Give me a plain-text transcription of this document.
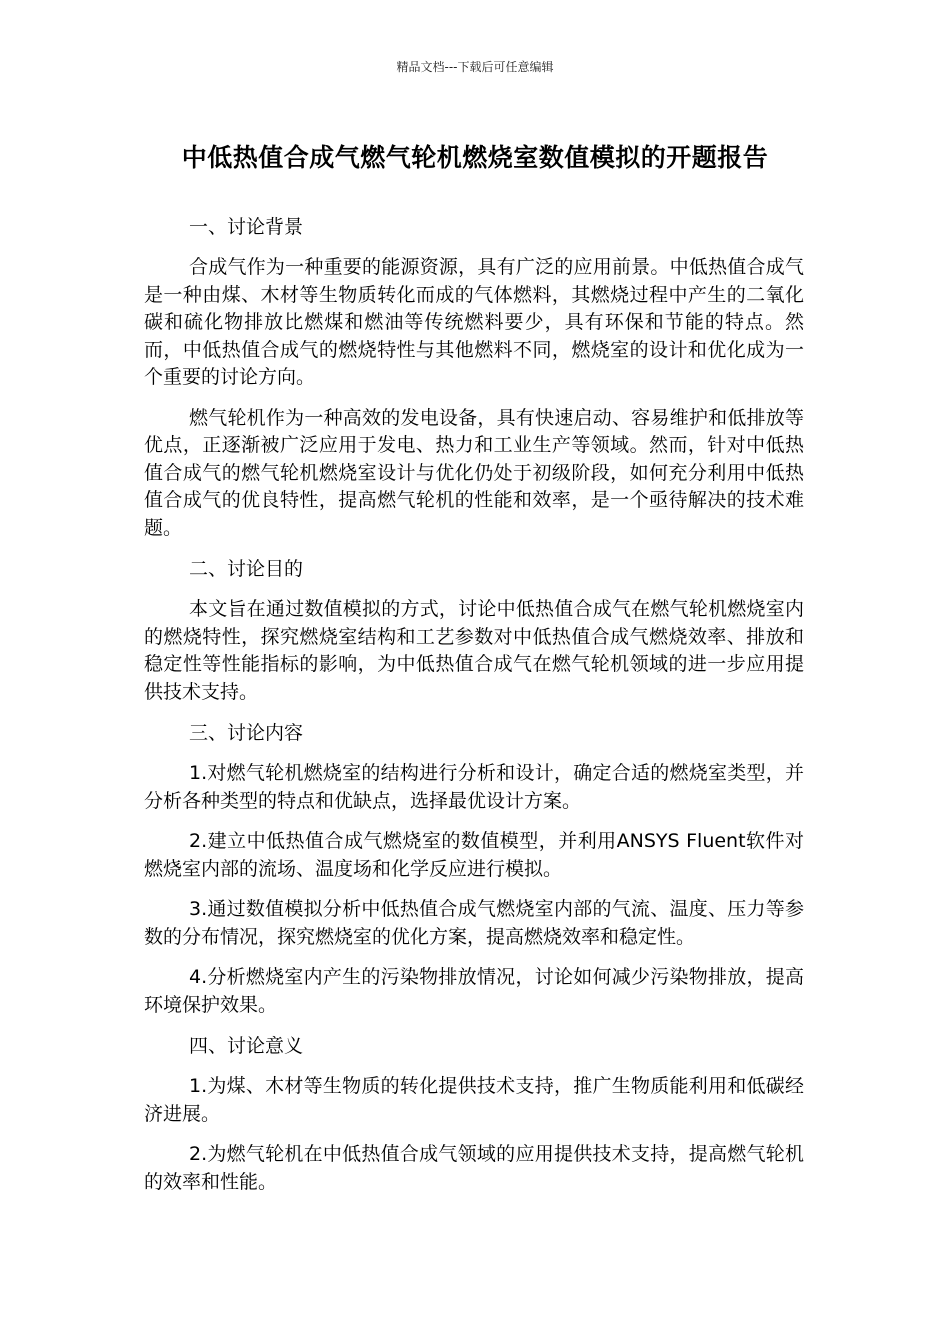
精品文档---下载后可任意编辑
中低热值合成气燃气轮机燃烧室数值模拟的开题报告
一、讨论背景

合成气作为一种重要的能源资源，具有广泛的应用前景。中低热值合成气是一种由煤、木材等生物质转化而成的气体燃料，其燃烧过程中产生的二氧化碳和硫化物排放比燃煤和燃油等传统燃料要少，具有环保和节能的特点。然而，中低热值合成气的燃烧特性与其他燃料不同，燃烧室的设计和优化成为一个重要的讨论方向。

燃气轮机作为一种高效的发电设备，具有快速启动、容易维护和低排放等优点，正逐渐被广泛应用于发电、热力和工业生产等领域。然而，针对中低热值合成气的燃气轮机燃烧室设计与优化仍处于初级阶段，如何充分利用中低热值合成气的优良特性，提高燃气轮机的性能和效率，是一个亟待解决的技术难题。

二、讨论目的

本文旨在通过数值模拟的方式，讨论中低热值合成气在燃气轮机燃烧室内的燃烧特性，探究燃烧室结构和工艺参数对中低热值合成气燃烧效率、排放和稳定性等性能指标的影响，为中低热值合成气在燃气轮机领域的进一步应用提供技术支持。

三、讨论内容

1.对燃气轮机燃烧室的结构进行分析和设计，确定合适的燃烧室类型，并分析各种类型的特点和优缺点，选择最优设计方案。

2.建立中低热值合成气燃烧室的数值模型，并利用ANSYS Fluent软件对燃烧室内部的流场、温度场和化学反应进行模拟。

3.通过数值模拟分析中低热值合成气燃烧室内部的气流、温度、压力等参数的分布情况，探究燃烧室的优化方案，提高燃烧效率和稳定性。

4.分析燃烧室内产生的污染物排放情况，讨论如何减少污染物排放，提高环境保护效果。

四、讨论意义

1.为煤、木材等生物质的转化提供技术支持，推广生物质能利用和低碳经济进展。

2.为燃气轮机在中低热值合成气领域的应用提供技术支持，提高燃气轮机的效率和性能。
